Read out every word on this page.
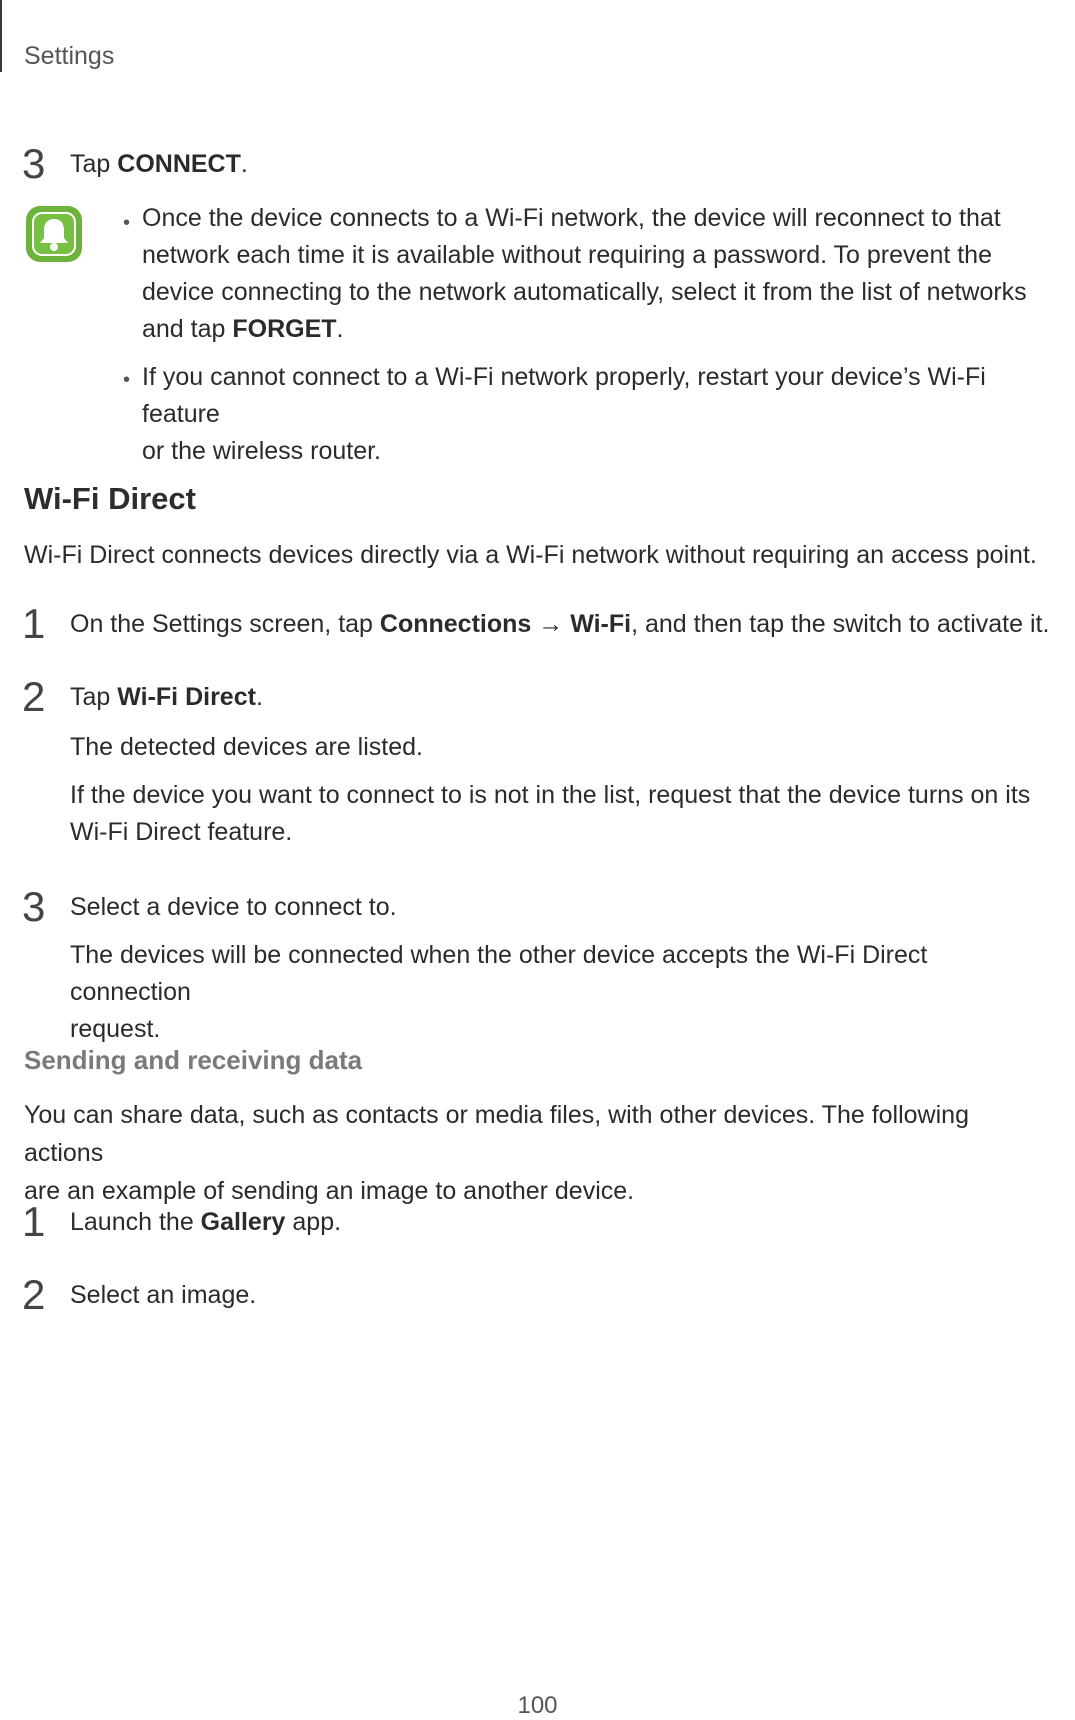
Settings
3 Tap CONNECT.
• Once the device connects to a Wi-Fi network, the device will reconnect to that
network each time it is available without requiring a password. To prevent the
device connecting to the network automatically, select it from the list of networks
and tap FORGET.
• If you cannot connect to a Wi-Fi network properly, restart your device’s Wi-Fi feature
or the wireless router.
Wi-Fi Direct
Wi-Fi Direct connects devices directly via a Wi-Fi network without requiring an access point.
1 On the Settings screen, tap Connections → Wi-Fi, and then tap the switch to activate it.
2 Tap Wi-Fi Direct.
The detected devices are listed.
If the device you want to connect to is not in the list, request that the device turns on its
Wi-Fi Direct feature.
3 Select a device to connect to.
The devices will be connected when the other device accepts the Wi-Fi Direct connection
request.
Sending and receiving data
You can share data, such as contacts or media files, with other devices. The following actions
are an example of sending an image to another device.
1 Launch the Gallery app.
2 Select an image.
100
